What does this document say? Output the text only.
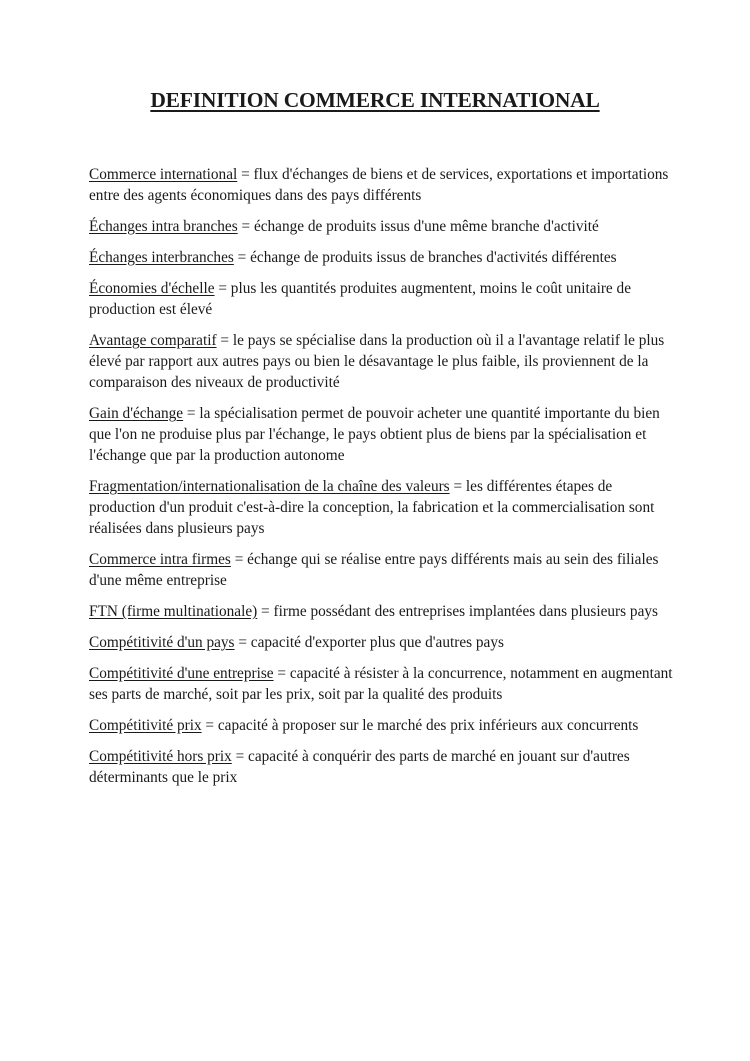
DEFINITION COMMERCE INTERNATIONAL

Commerce international = flux d'échanges de biens et de services, exportations et importations entre des agents économiques dans des pays différents

Échanges intra branches = échange de produits issus d'une même branche d'activité

Échanges interbranches = échange de produits issus de branches d'activités différentes

Économies d'échelle = plus les quantités produites augmentent, moins le coût unitaire de production est élevé

Avantage comparatif = le pays se spécialise dans la production où il a l'avantage relatif le plus élevé par rapport aux autres pays ou bien le désavantage le plus faible, ils proviennent de la comparaison des niveaux de productivité

Gain d'échange = la spécialisation permet de pouvoir acheter une quantité importante du bien que l'on ne produise plus par l'échange, le pays obtient plus de biens par la spécialisation et l'échange que par la production autonome

Fragmentation/internationalisation de la chaîne des valeurs = les différentes étapes de production d'un produit c'est-à-dire la conception, la fabrication et la commercialisation sont réalisées dans plusieurs pays

Commerce intra firmes = échange qui se réalise entre pays différents mais au sein des filiales d'une même entreprise

FTN (firme multinationale) = firme possédant des entreprises implantées dans plusieurs pays

Compétitivité d'un pays = capacité d'exporter plus que d'autres pays

Compétitivité d'une entreprise = capacité à résister à la concurrence, notamment en augmentant ses parts de marché, soit par les prix, soit par la qualité des produits

Compétitivité prix = capacité à proposer sur le marché des prix inférieurs aux concurrents

Compétitivité hors prix = capacité à conquérir des parts de marché en jouant sur d'autres déterminants que le prix
